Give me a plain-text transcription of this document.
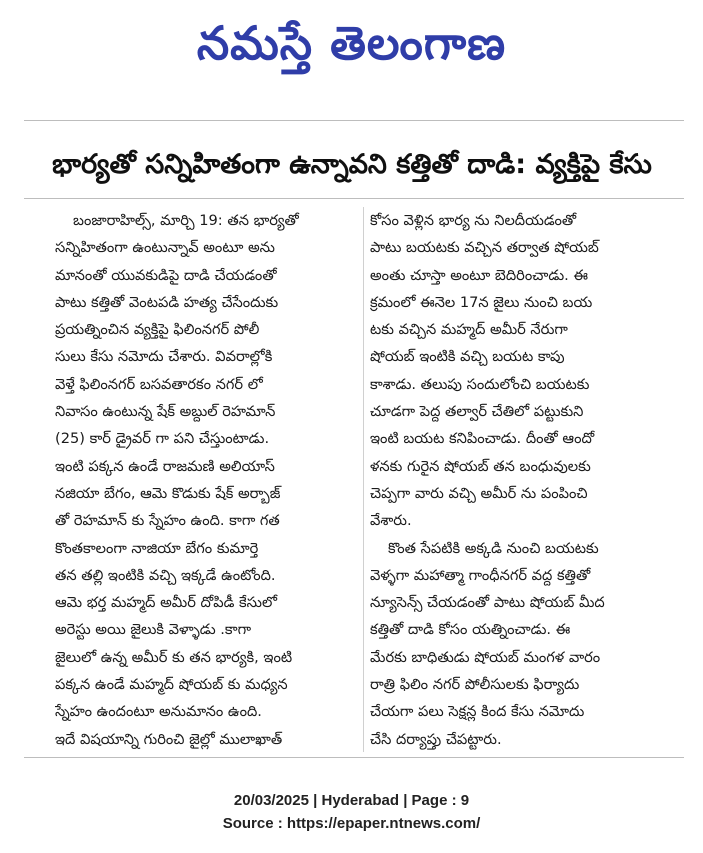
నమస్తే తెలంగాణ
భార్యతో సన్నిహితంగా ఉన్నావని కత్తితో దాడి: వ్యక్తిపై కేసు
బంజారాహిల్స్, మార్చి 19: తన భార్యతో
సన్నిహితంగా ఉంటున్నావ్ అంటూ అను
మానంతో యువకుడిపై దాడి చేయడంతో
పాటు కత్తితో వెంటపడి హత్య చేసేందుకు
ప్రయత్నించిన వ్యక్తిపై ఫిలింనగర్ పోలీ
సులు కేసు నమోదు చేశారు. వివరాల్లోకి
వెళ్తే ఫిలింనగర్ బసవతారకం నగర్ లో
నివాసం ఉంటున్న షేక్ అబ్దుల్ రెహమాన్
(25) కార్ డ్రైవర్ గా పని చేస్తుంటాడు.
ఇంటి పక్కన ఉండే రాజమణి అలియాస్
నజియా బేగం, ఆమె కొడుకు షేక్ అర్బాజ్
తో రెహమాన్ కు స్నేహం ఉంది. కాగా గత
కొంతకాలంగా నాజియా బేగం కుమార్తె
తన తల్లి ఇంటికి వచ్చి ఇక్కడే ఉంటోంది.
ఆమె భర్త మహ్మద్ అమీర్ దోపిడీ కేసులో
అరెస్టు అయి జైలుకి వెళ్ళాడు .కాగా
జైలులో ఉన్న అమీర్ కు తన భార్యకి, ఇంటి
పక్కన ఉండే మహ్మద్ షోయబ్ కు మధ్యన
స్నేహం ఉందంటూ అనుమానం ఉంది.
ఇదే విషయాన్ని గురించి జైల్లో ములాఖాత్
కోసం వెళ్లిన భార్య ను నిలదీయడంతో
పాటు బయటకు వచ్చిన తర్వాత షోయబ్
అంతు చూస్తా అంటూ బెదిరించాడు. ఈ
క్రమంలో ఈనెల 17న జైలు నుంచి బయ
టకు వచ్చిన మహ్మద్ అమీర్ నేరుగా
షోయబ్ ఇంటికి వచ్చి బయట కాపు
కాశాడు. తలుపు సందులోంచి బయటకు
చూడగా పెద్ద తల్వార్ చేతిలో పట్టుకుని
ఇంటి బయట కనిపించాడు. దీంతో ఆందో
ళనకు గురైన షోయబ్ తన బంధువులకు
చెప్పగా వారు వచ్చి అమీర్ ను పంపించి
వేశారు.
కొంత సేపటికి అక్కడి నుంచి బయటకు
వెళ్ళగా మహాత్మా గాంధీనగర్ వద్ద కత్తితో
న్యూసెన్స్ చేయడంతో పాటు షోయబ్ మీద
కత్తితో దాడి కోసం యత్నించాడు. ఈ
మేరకు బాధితుడు షోయబ్ మంగళ వారం
రాత్రి ఫిలిం నగర్ పోలీసులకు ఫిర్యాదు
చేయగా పలు సెక్షన్ల కింద కేసు నమోదు
చేసి దర్యాప్తు చేపట్టారు.
20/03/2025 | Hyderabad | Page : 9
Source : https://epaper.ntnews.com/
